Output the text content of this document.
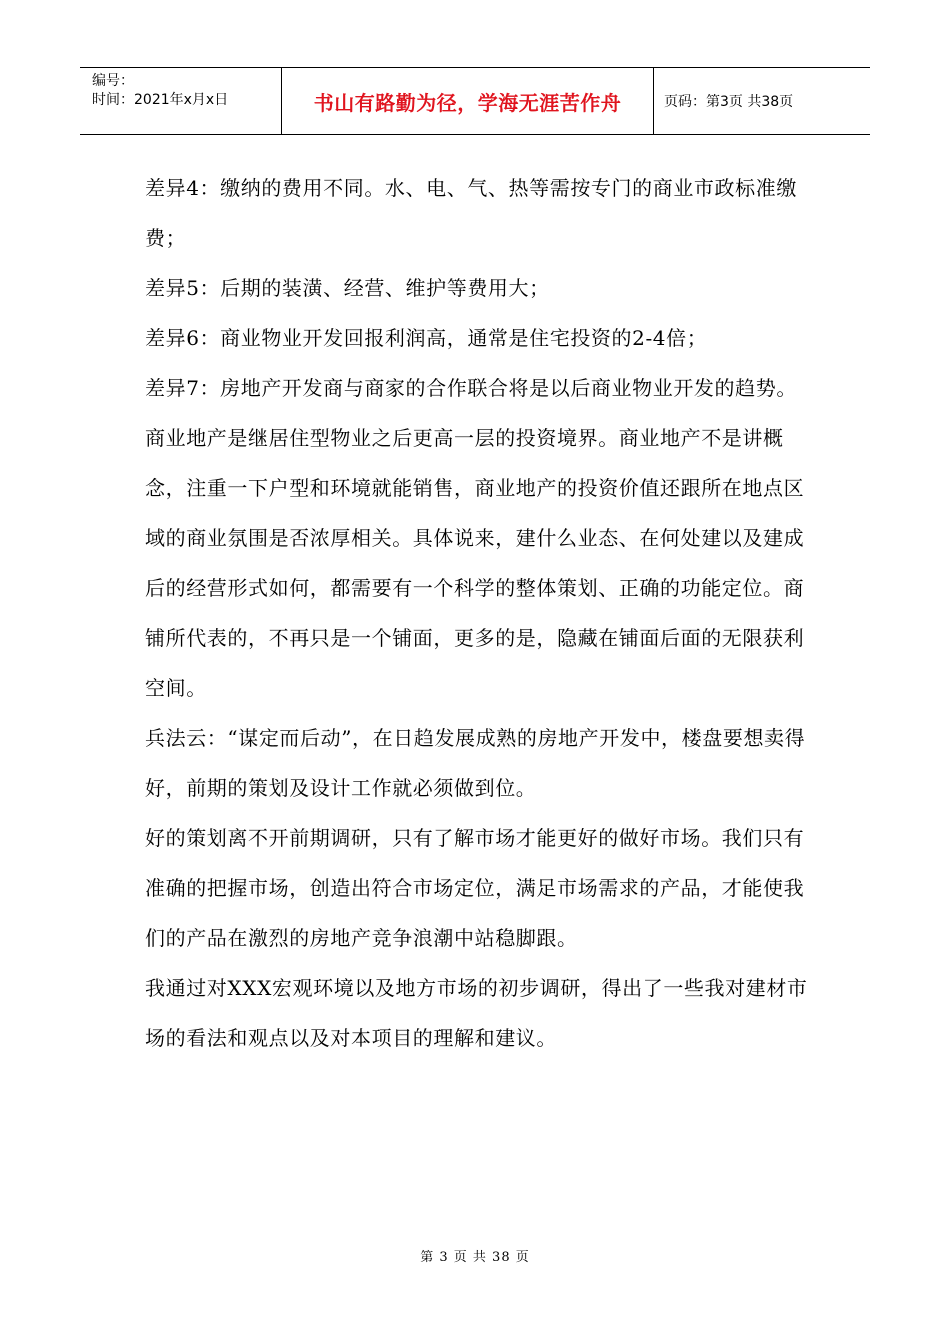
编号：
时间：2021年x月x日	书山有路勤为径，学海无涯苦作舟	页码：第3页 共38页

差异4：缴纳的费用不同。水、电、气、热等需按专门的商业市政标准缴费；

差异5：后期的装潢、经营、维护等费用大；

差异6：商业物业开发回报利润高，通常是住宅投资的2-4倍；

差异7：房地产开发商与商家的合作联合将是以后商业物业开发的趋势。

商业地产是继居住型物业之后更高一层的投资境界。商业地产不是讲概念，注重一下户型和环境就能销售，商业地产的投资价值还跟所在地点区域的商业氛围是否浓厚相关。具体说来，建什么业态、在何处建以及建成后的经营形式如何，都需要有一个科学的整体策划、正确的功能定位。商铺所代表的，不再只是一个铺面，更多的是，隐藏在铺面后面的无限获利空间。

兵法云：“谋定而后动”，在日趋发展成熟的房地产开发中，楼盘要想卖得好，前期的策划及设计工作就必须做到位。

好的策划离不开前期调研，只有了解市场才能更好的做好市场。我们只有准确的把握市场，创造出符合市场定位，满足市场需求的产品，才能使我们的产品在激烈的房地产竞争浪潮中站稳脚跟。

我通过对XXX宏观环境以及地方市场的初步调研，得出了一些我对建材市场的看法和观点以及对本项目的理解和建议。

第 3 页 共 38 页
